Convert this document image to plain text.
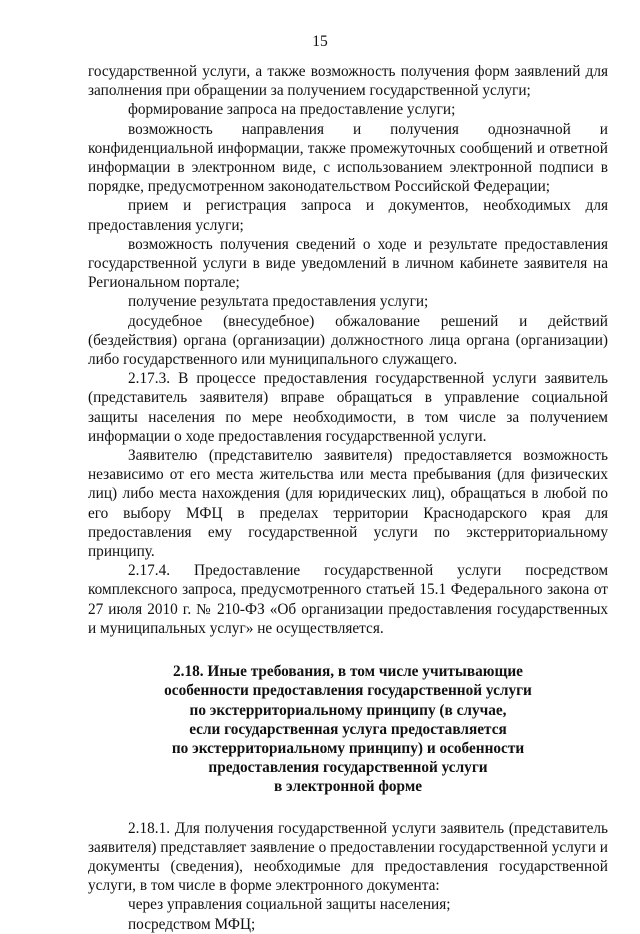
15

государственной услуги, а также возможность получения форм заявлений для заполнения при обращении за получением государственной услуги;

формирование запроса на предоставление услуги;

возможность направления и получения однозначной и конфиденциальной информации, также промежуточных сообщений и ответной информации в электронном виде, с использованием электронной подписи в порядке, предусмотренном законодательством Российской Федерации;

прием и регистрация запроса и документов, необходимых для предоставления услуги;

возможность получения сведений о ходе и результате предоставления государственной услуги в виде уведомлений в личном кабинете заявителя на Региональном портале;

получение результата предоставления услуги;

досудебное (внесудебное) обжалование решений и действий (бездействия) органа (организации) должностного лица органа (организации) либо государственного или муниципального служащего.

2.17.3. В процессе предоставления государственной услуги заявитель (представитель заявителя) вправе обращаться в управление социальной защиты населения по мере необходимости, в том числе за получением информации о ходе предоставления государственной услуги.

Заявителю (представителю заявителя) предоставляется возможность независимо от его места жительства или места пребывания (для физических лиц) либо места нахождения (для юридических лиц), обращаться в любой по его выбору МФЦ в пределах территории Краснодарского края для предоставления ему государственной услуги по экстерриториальному принципу.

2.17.4. Предоставление государственной услуги посредством комплексного запроса, предусмотренного статьей 15.1 Федерального закона от 27 июля 2010 г. № 210-ФЗ «Об организации предоставления государственных и муниципальных услуг» не осуществляется.

2.18. Иные требования, в том числе учитывающие
особенности предоставления государственной услуги
по экстерриториальному принципу (в случае,
если государственная услуга предоставляется
по экстерриториальному принципу) и особенности
предоставления государственной услуги
в электронной форме

2.18.1. Для получения государственной услуги заявитель (представитель заявителя) представляет заявление о предоставлении государственной услуги и документы (сведения), необходимые для предоставления государственной услуги, в том числе в форме электронного документа:

через управления социальной защиты населения;

посредством МФЦ;
